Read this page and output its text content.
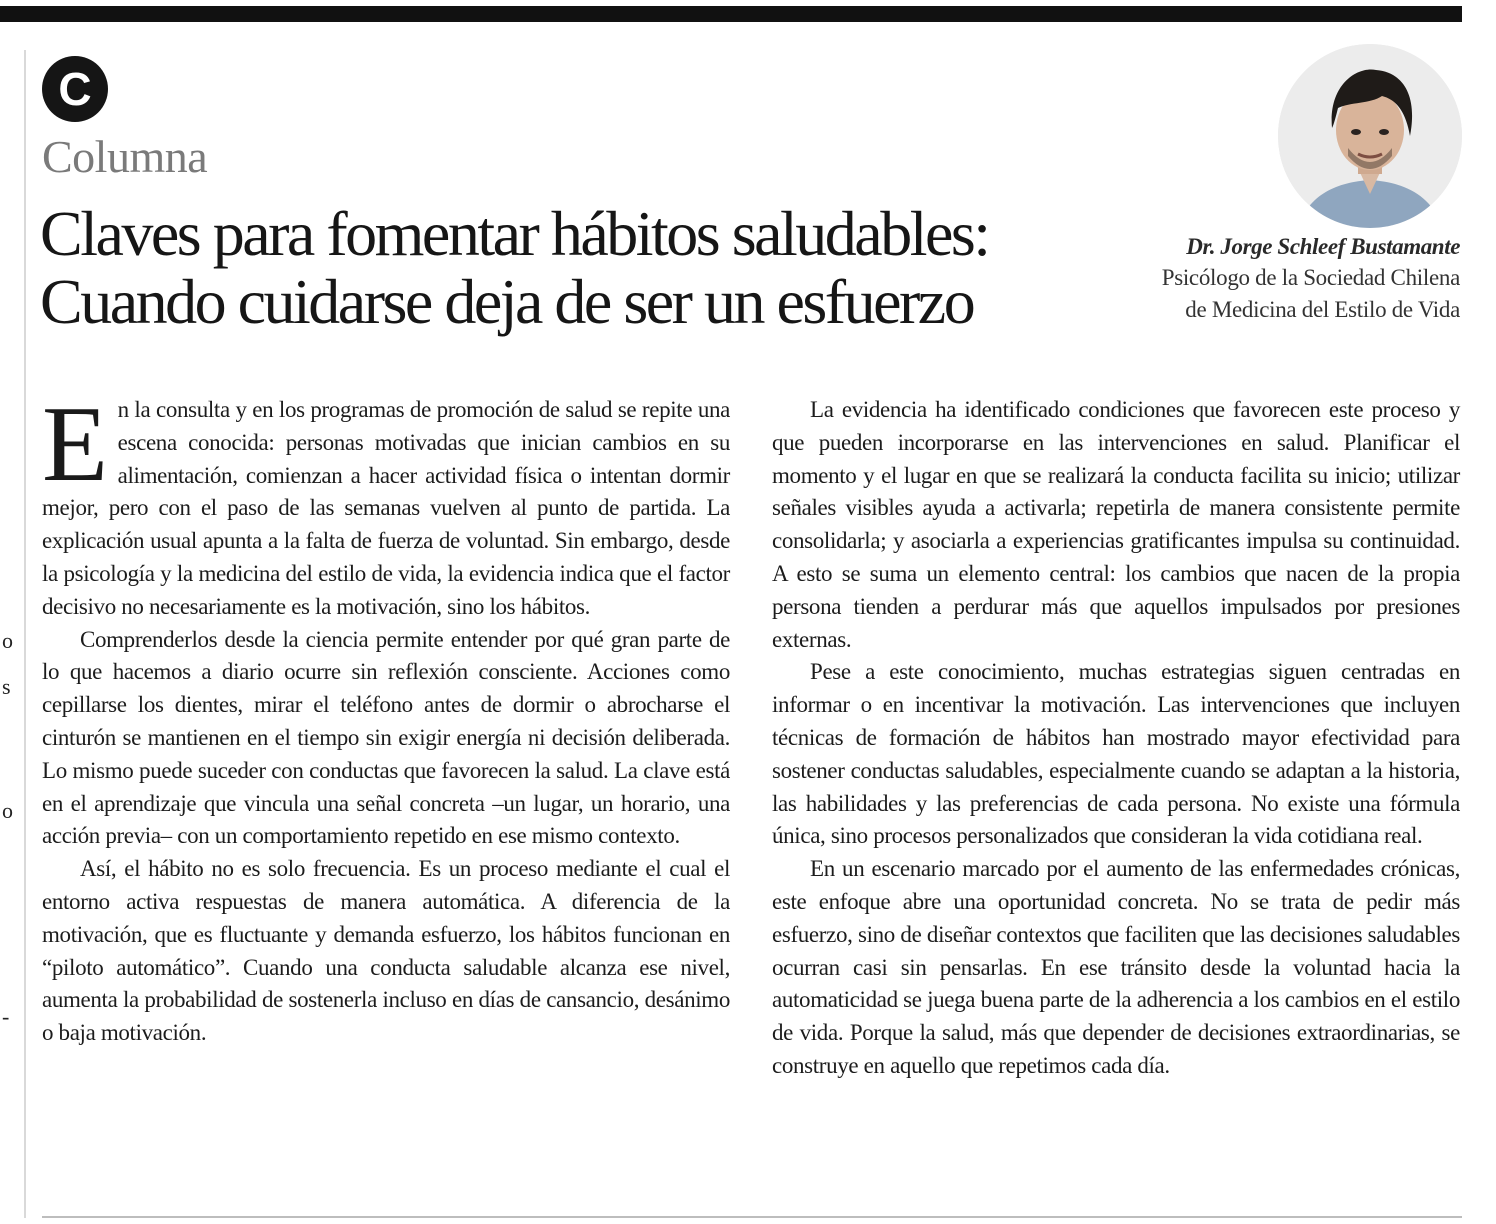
o
s
o
-
C
Columna
Claves para fomentar hábitos saludables:
Cuando cuidarse deja de ser un esfuerzo
Dr. Jorge Schleef Bustamante
Psicólogo de la Sociedad Chilena
de Medicina del Estilo de Vida

En la consulta y en los programas de promoción de salud se repite una escena conocida: personas motivadas que inician cambios en su alimentación, comienzan a hacer actividad física o intentan dormir mejor, pero con el paso de las semanas vuelven al punto de partida. La explicación usual apunta a la falta de fuerza de voluntad. Sin embargo, desde la psicología y la medicina del estilo de vida, la evidencia indica que el factor decisivo no necesariamente es la motivación, sino los hábitos.

Comprenderlos desde la ciencia permite entender por qué gran parte de lo que hacemos a diario ocurre sin reflexión consciente. Acciones como cepillarse los dientes, mirar el teléfono antes de dormir o abrocharse el cinturón se mantienen en el tiempo sin exigir energía ni decisión deliberada. Lo mismo puede suceder con conductas que favorecen la salud. La clave está en el aprendizaje que vincula una señal concreta –un lugar, un horario, una acción previa– con un comportamiento repetido en ese mismo contexto.

Así, el hábito no es solo frecuencia. Es un proceso mediante el cual el entorno activa respuestas de manera automática. A diferencia de la motivación, que es fluctuante y demanda esfuerzo, los hábitos funcionan en “piloto automático”. Cuando una conducta saludable alcanza ese nivel, aumenta la probabilidad de sostenerla incluso en días de cansancio, desánimo o baja motivación.

La evidencia ha identificado condiciones que favorecen este proceso y que pueden incorporarse en las intervenciones en salud. Planificar el momento y el lugar en que se realizará la conducta facilita su inicio; utilizar señales visibles ayuda a activarla; repetirla de manera consistente permite consolidarla; y asociarla a experiencias gratificantes impulsa su continuidad. A esto se suma un elemento central: los cambios que nacen de la propia persona tienden a perdurar más que aquellos impulsados por presiones externas.

Pese a este conocimiento, muchas estrategias siguen centradas en informar o en incentivar la motivación. Las intervenciones que incluyen técnicas de formación de hábitos han mostrado mayor efectividad para sostener conductas saludables, especialmente cuando se adaptan a la historia, las habilidades y las preferencias de cada persona. No existe una fórmula única, sino procesos personalizados que consideran la vida cotidiana real.

En un escenario marcado por el aumento de las enfermedades crónicas, este enfoque abre una oportunidad concreta. No se trata de pedir más esfuerzo, sino de diseñar contextos que faciliten que las decisiones saludables ocurran casi sin pensarlas. En ese tránsito desde la voluntad hacia la automaticidad se juega buena parte de la adherencia a los cambios en el estilo de vida. Porque la salud, más que depender de decisiones extraordinarias, se construye en aquello que repetimos cada día.
